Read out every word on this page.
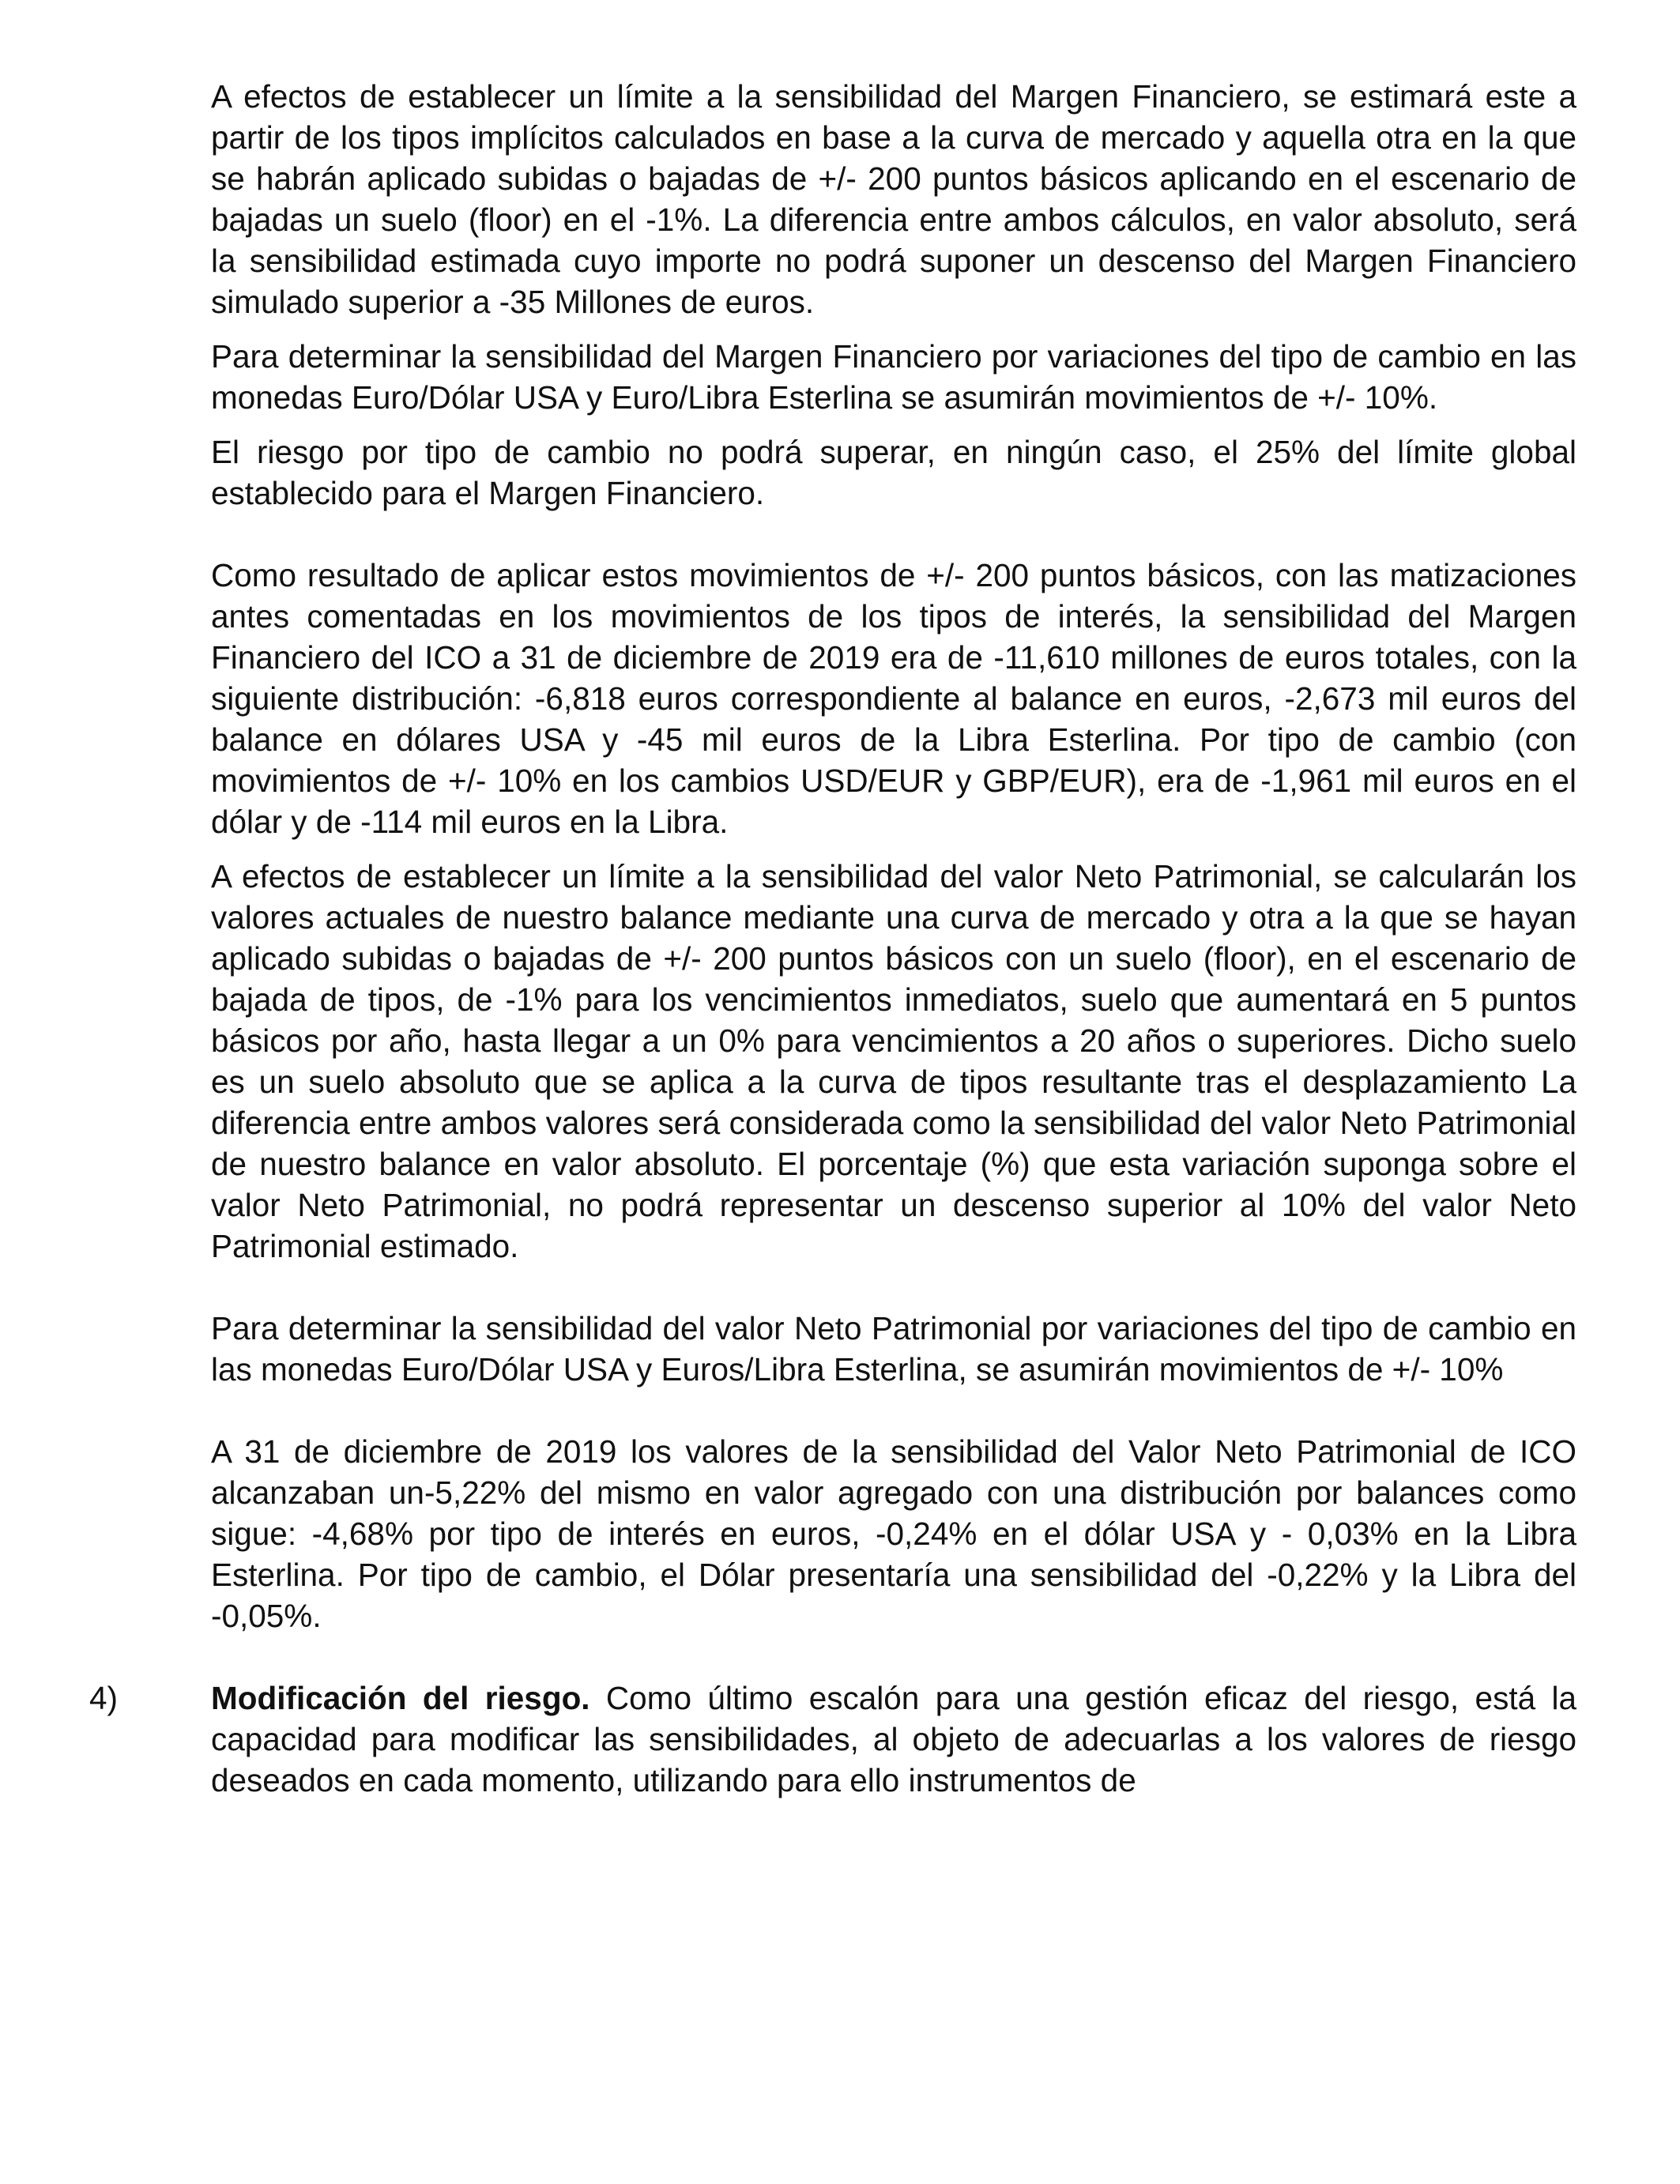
A efectos de establecer un límite a la sensibilidad del Margen Financiero, se estimará este a partir de los tipos implícitos calculados en base a la curva de mercado y aquella otra en la que se habrán aplicado subidas o bajadas de +/- 200 puntos básicos aplicando en el escenario de bajadas un suelo (floor) en el -1%. La diferencia entre ambos cálculos, en valor absoluto, será la sensibilidad estimada cuyo importe no podrá suponer un descenso del Margen Financiero simulado superior a -35 Millones de euros.

Para determinar la sensibilidad del Margen Financiero por variaciones del tipo de cambio en las monedas Euro/Dólar USA y Euro/Libra Esterlina se asumirán movimientos de +/- 10%.

El riesgo por tipo de cambio no podrá superar, en ningún caso, el 25% del límite global establecido para el Margen Financiero.

Como resultado de aplicar estos movimientos de +/- 200 puntos básicos, con las matizaciones antes comentadas en los movimientos de los tipos de interés, la sensibilidad del Margen Financiero del ICO a 31 de diciembre de 2019 era de -11,610 millones de euros totales, con la siguiente distribución: -6,818 euros correspondiente al balance en euros, -2,673 mil euros del balance en dólares USA y -45 mil euros de la Libra Esterlina. Por tipo de cambio (con movimientos de +/- 10% en los cambios USD/EUR y GBP/EUR), era de -1,961 mil euros en el dólar y de -114 mil euros en la Libra.

A efectos de establecer un límite a la sensibilidad del valor Neto Patrimonial, se calcularán los valores actuales de nuestro balance mediante una curva de mercado y otra a la que se hayan aplicado subidas o bajadas de +/- 200 puntos básicos con un suelo (floor), en el escenario de bajada de tipos, de -1% para los vencimientos inmediatos, suelo que aumentará en 5 puntos básicos por año, hasta llegar a un 0% para vencimientos a 20 años o superiores. Dicho suelo es un suelo absoluto que se aplica a la curva de tipos resultante tras el desplazamiento La diferencia entre ambos valores será considerada como la sensibilidad del valor Neto Patrimonial de nuestro balance en valor absoluto. El porcentaje (%) que esta variación suponga sobre el valor Neto Patrimonial, no podrá representar un descenso superior al 10% del valor Neto Patrimonial estimado.

Para determinar la sensibilidad del valor Neto Patrimonial por variaciones del tipo de cambio en las monedas Euro/Dólar USA y Euros/Libra Esterlina, se asumirán movimientos de +/- 10%

A 31 de diciembre de 2019 los valores de la sensibilidad del Valor Neto Patrimonial de ICO alcanzaban un-5,22% del mismo en valor agregado con una distribución por balances como sigue: -4,68% por tipo de interés en euros, -0,24% en el dólar USA y - 0,03% en la Libra Esterlina. Por tipo de cambio, el Dólar presentaría una sensibilidad del -0,22% y la Libra del -0,05%.

4)	Modificación del riesgo. Como último escalón para una gestión eficaz del riesgo, está la capacidad para modificar las sensibilidades, al objeto de adecuarlas a los valores de riesgo deseados en cada momento, utilizando para ello instrumentos de
